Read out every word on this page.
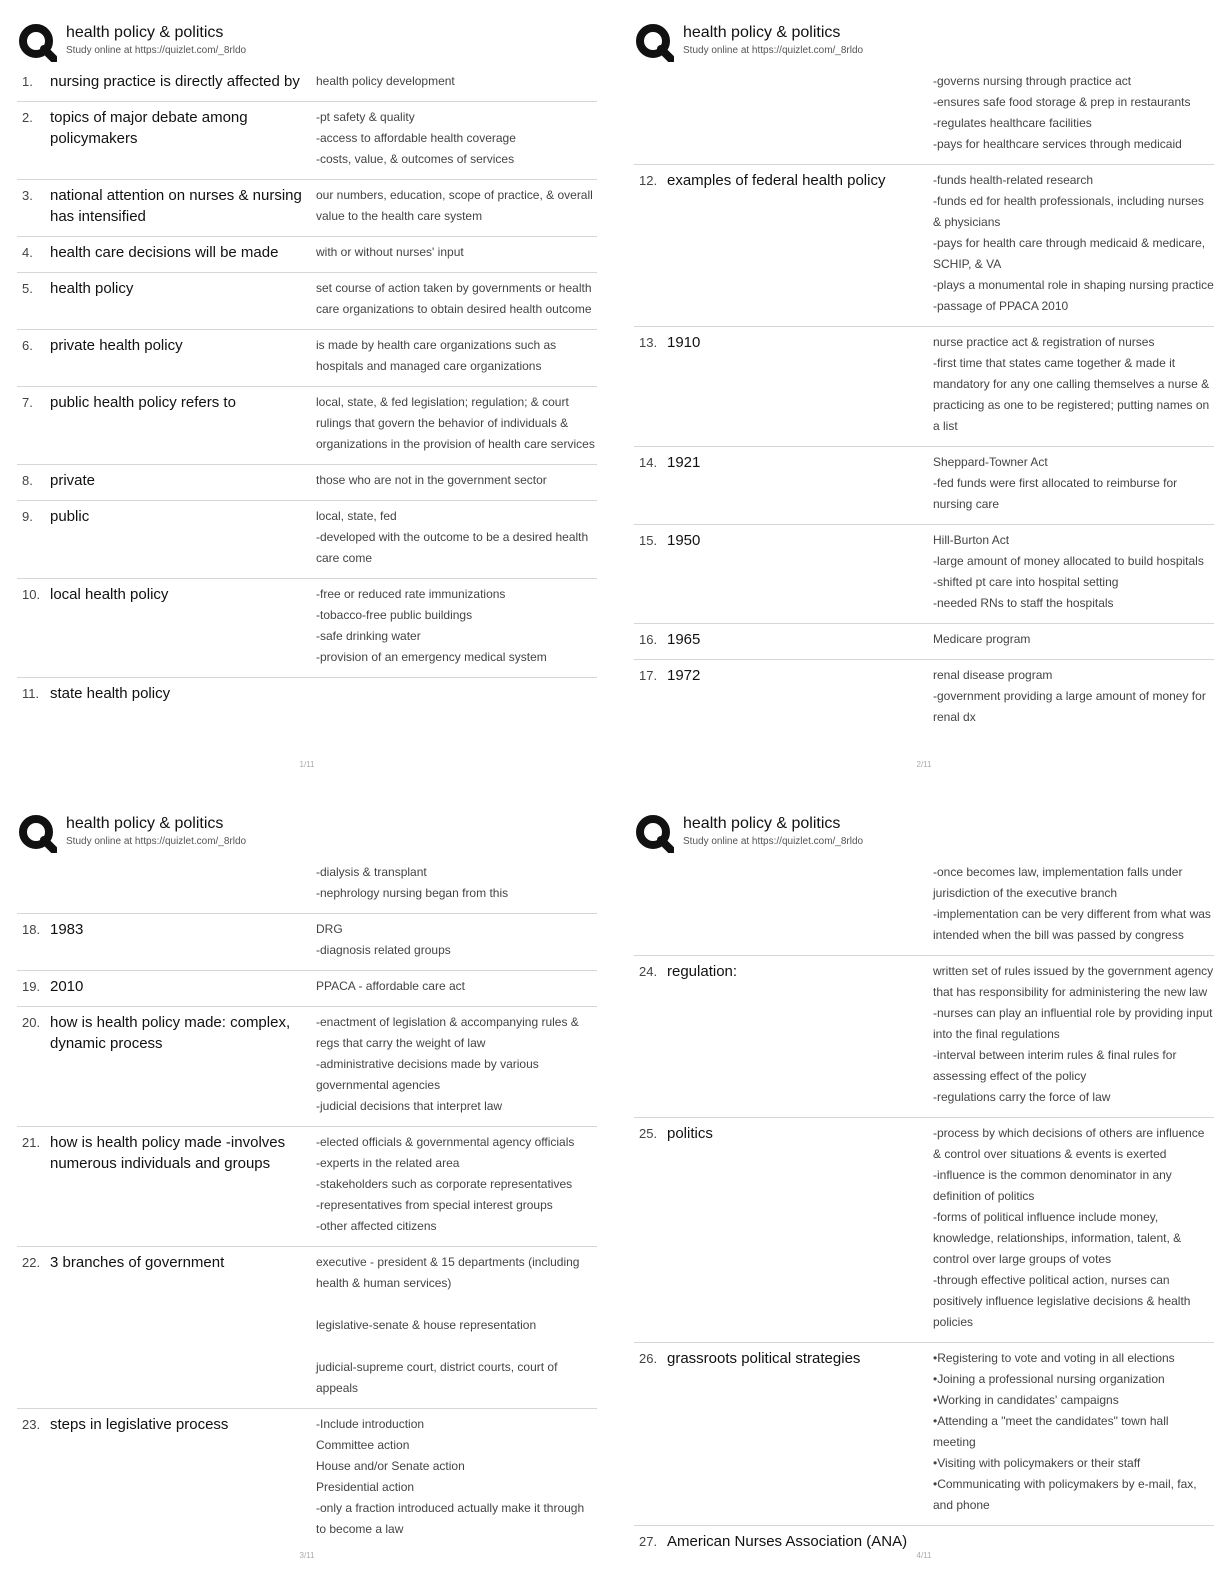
health policy & politics
Study online at https://quizlet.com/_8rldo
1.	nursing practice is directly affected by	health policy development
2.	topics of major debate among policymakers
-pt safety & quality
-access to affordable health coverage
-costs, value, & outcomes of services
3.	national attention on nurses & nursing has intensified
our numbers, education, scope of practice, & overall value to the health care system
4.	health care decisions will be made	with or without nurses' input
5.	health policy	set course of action taken by governments or health care organizations to obtain desired health outcome
6.	private health policy	is made by health care organizations such as hospitals and managed care organizations
7.	public health policy refers to	local, state, & fed legislation; regulation; & court rulings that govern the behavior of individuals & organizations in the provision of health care services
8.	private	those who are not in the government sector
9.	public	local, state, fed
-developed with the outcome to be a desired health care come
10. local health policy	-free or reduced rate immunizations
-tobacco-free public buildings
-safe drinking water
-provision of an emergency medical system
11. state health policy
1/11
health policy & politics
Study online at https://quizlet.com/_8rldo
-governs nursing through practice act
-ensures safe food storage & prep in restaurants
-regulates healthcare facilities
-pays for healthcare services through medicaid
12. examples of federal health policy	-funds health-related research
-funds ed for health professionals, including nurses & physicians
-pays for health care through medicaid & medicare, SCHIP, & VA
-plays a monumental role in shaping nursing practice
-passage of PPACA 2010
13. 1910	nurse practice act & registration of nurses
-first time that states came together & made it mandatory for any one calling themselves a nurse & practicing as one to be registered; putting names on a list
14. 1921	Sheppard-Towner Act
-fed funds were first allocated to reimburse for nursing care
15. 1950	Hill-Burton Act
-large amount of money allocated to build hospitals
-shifted pt care into hospital setting
-needed RNs to staff the hospitals
16. 1965	Medicare program
17. 1972	renal disease program
-government providing a large amount of money for renal dx
2/11
health policy & politics
Study online at https://quizlet.com/_8rldo
-dialysis & transplant
-nephrology nursing began from this
18. 1983	DRG
-diagnosis related groups
19. 2010	PPACA - affordable care act
20. how is health policy made: complex, dynamic process
-enactment of legislation & accompanying rules & regs that carry the weight of law
-administrative decisions made by various governmental agencies
-judicial decisions that interpret law
21. how is health policy made -involves numerous individuals and groups
-elected officials & governmental agency officials
-experts in the related area
-stakeholders such as corporate representatives
-representatives from special interest groups
-other affected citizens
22. 3 branches of government	executive - president & 15 departments (including health & human services)

legislative-senate & house representation

judicial-supreme court, district courts, court of appeals
23. steps in legislative process	-Include introduction
Committee action
House and/or Senate action
Presidential action
-only a fraction introduced actually make it through to become a law
3/11
health policy & politics
Study online at https://quizlet.com/_8rldo
-once becomes law, implementation falls under jurisdiction of the executive branch
-implementation can be very different from what was intended when the bill was passed by congress
24. regulation:	written set of rules issued by the government agency that has responsibility for administering the new law
-nurses can play an influential role by providing input into the final regulations
-interval between interim rules & final rules for assessing effect of the policy
-regulations carry the force of law
25. politics	-process by which decisions of others are influence & control over situations & events is exerted
-influence is the common denominator in any definition of politics
-forms of political influence include money, knowledge, relationships, information, talent, & control over large groups of votes
-through effective political action, nurses can positively influence legislative decisions & health policies
26. grassroots political strategies	•Registering to vote and voting in all elections
•Joining a professional nursing organization
•Working in candidates' campaigns
•Attending a "meet the candidates" town hall meeting
•Visiting with policymakers or their staff
•Communicating with policymakers by e-mail, fax, and phone
27. American Nurses Association (ANA)
4/11
